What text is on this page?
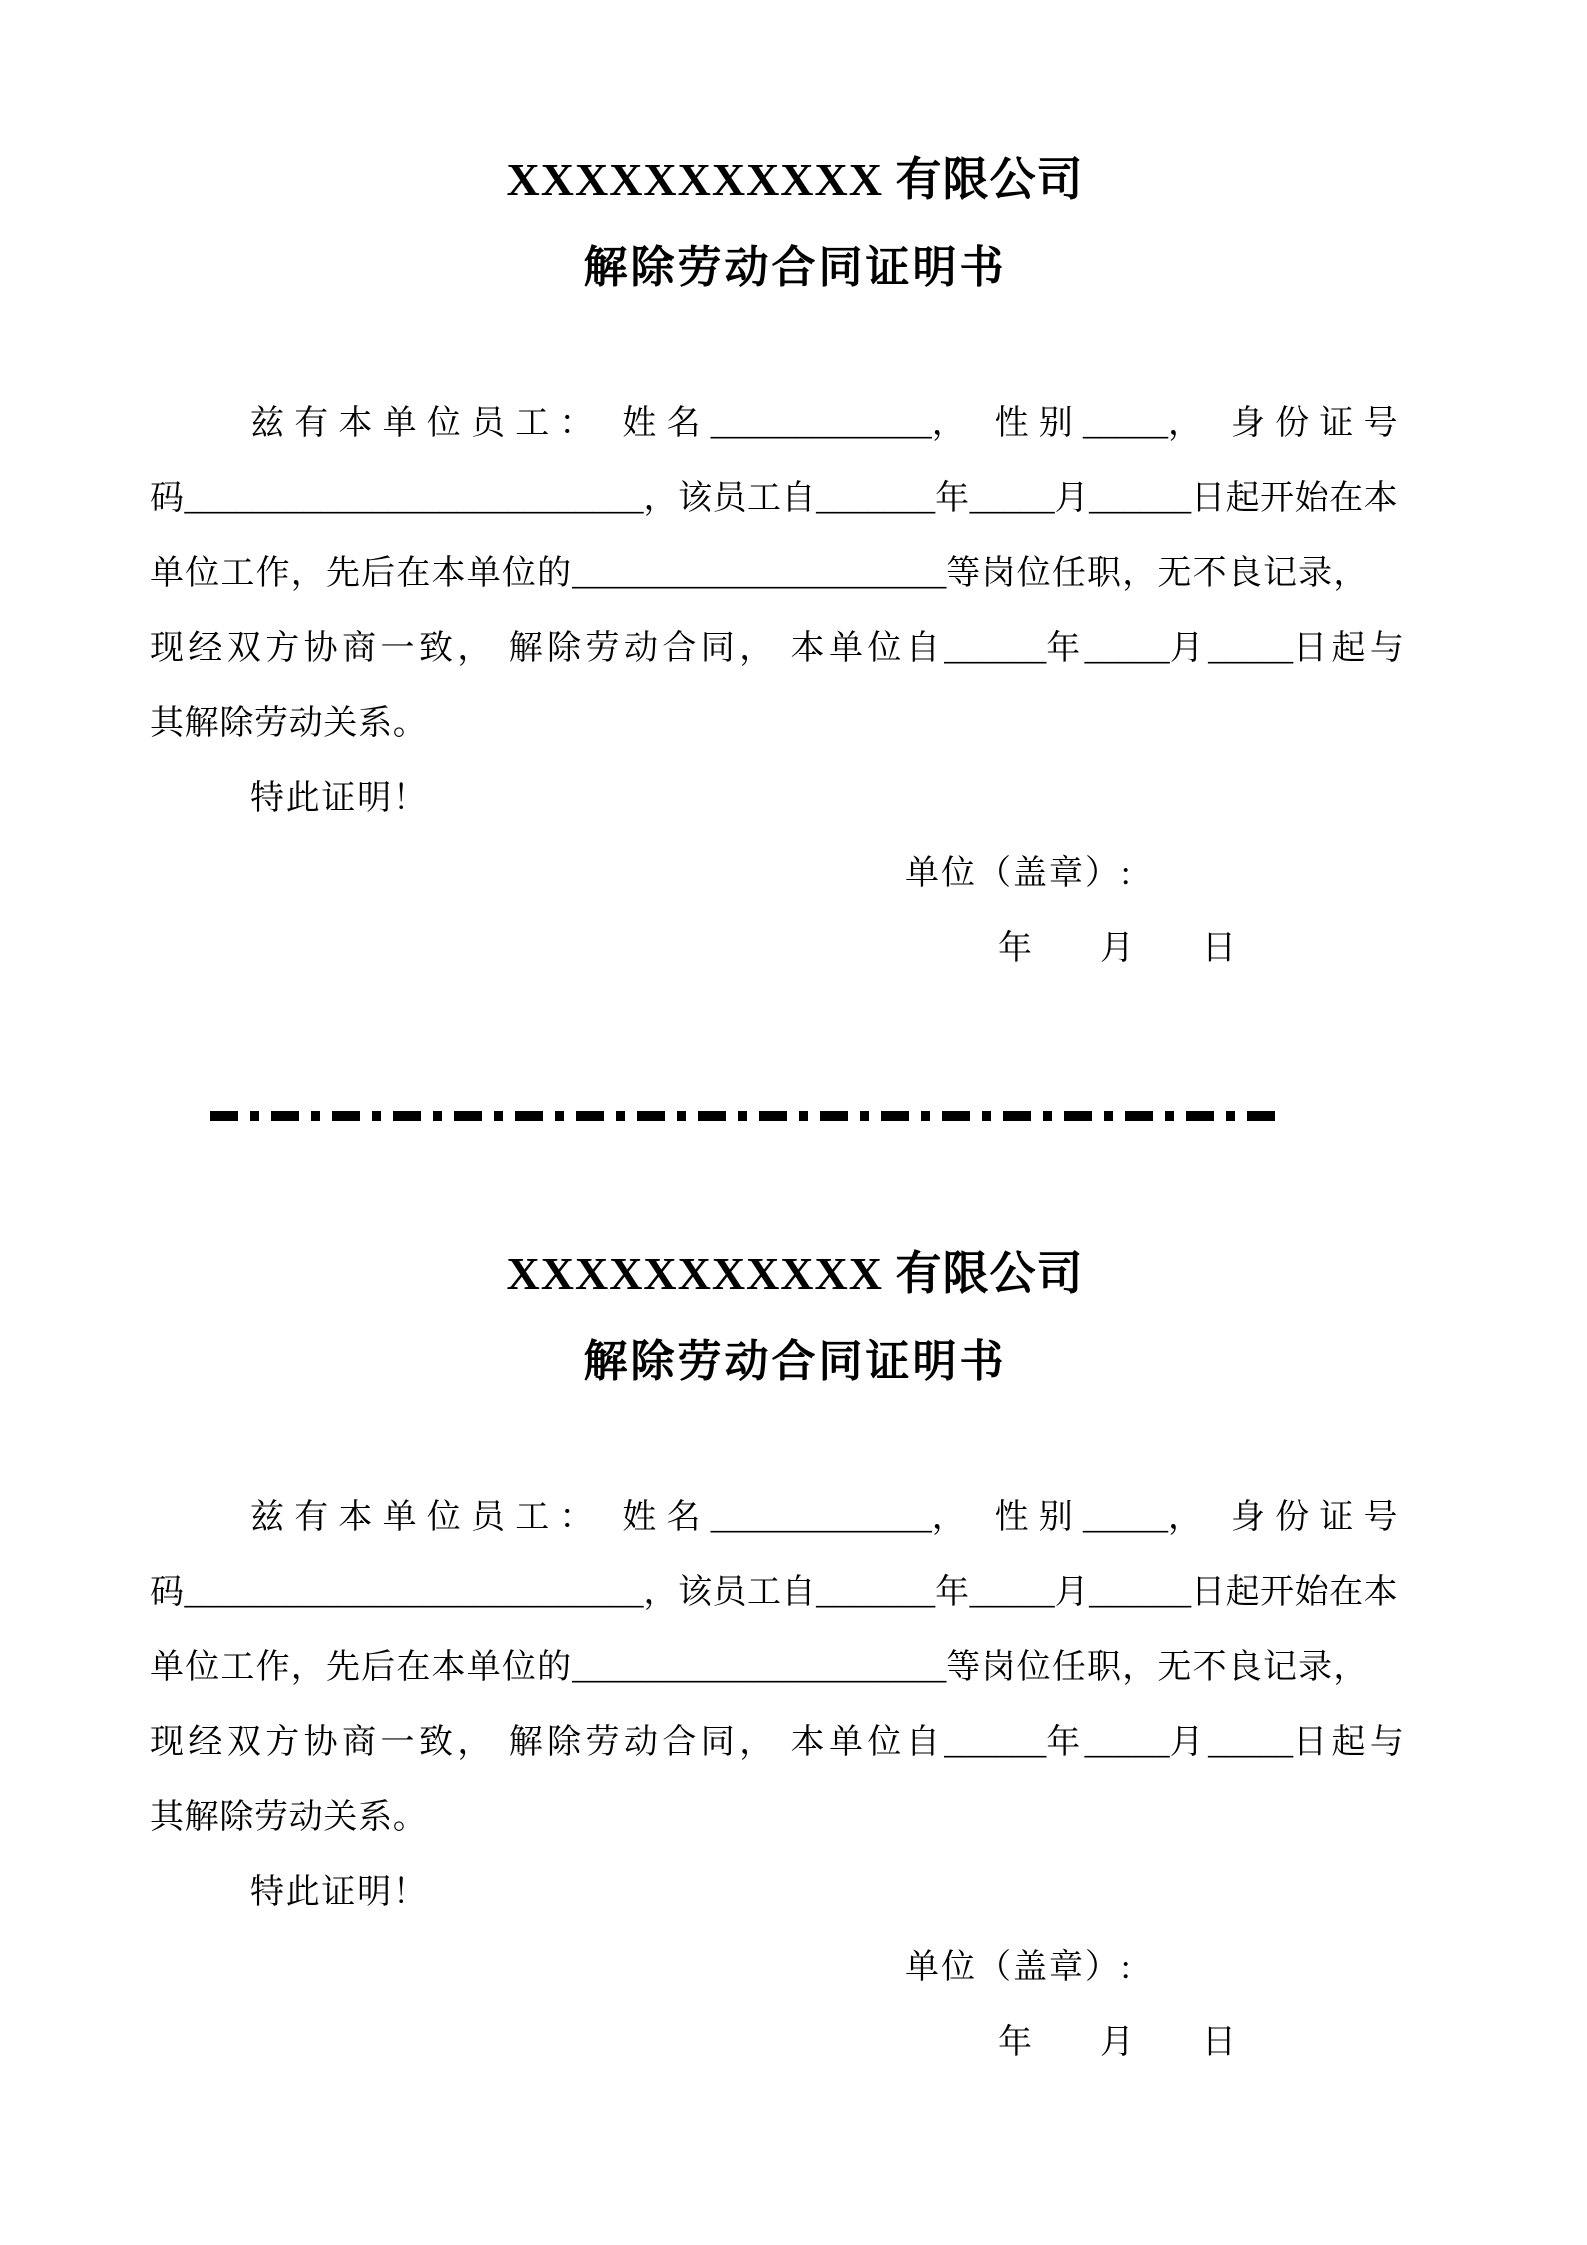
XXXXXXXXXXX 有限公司
解除劳动合同证明书
兹有本单位员工： 姓名_____________， 性别_____， 身份证号
码___________________________，该员工自_______年_____月______日起开始在本
单位工作，先后在本单位的______________________等岗位任职，无不良记录，
现经双方协商一致， 解除劳动合同， 本单位自______年_____月_____日起与
其解除劳动关系。
特此证明！
单位（盖章）:
年　　月　　日
XXXXXXXXXXX 有限公司
解除劳动合同证明书
兹有本单位员工： 姓名_____________， 性别_____， 身份证号
码___________________________，该员工自_______年_____月______日起开始在本
单位工作，先后在本单位的______________________等岗位任职，无不良记录，
现经双方协商一致， 解除劳动合同， 本单位自______年_____月_____日起与
其解除劳动关系。
特此证明！
单位（盖章）:
年　　月　　日
